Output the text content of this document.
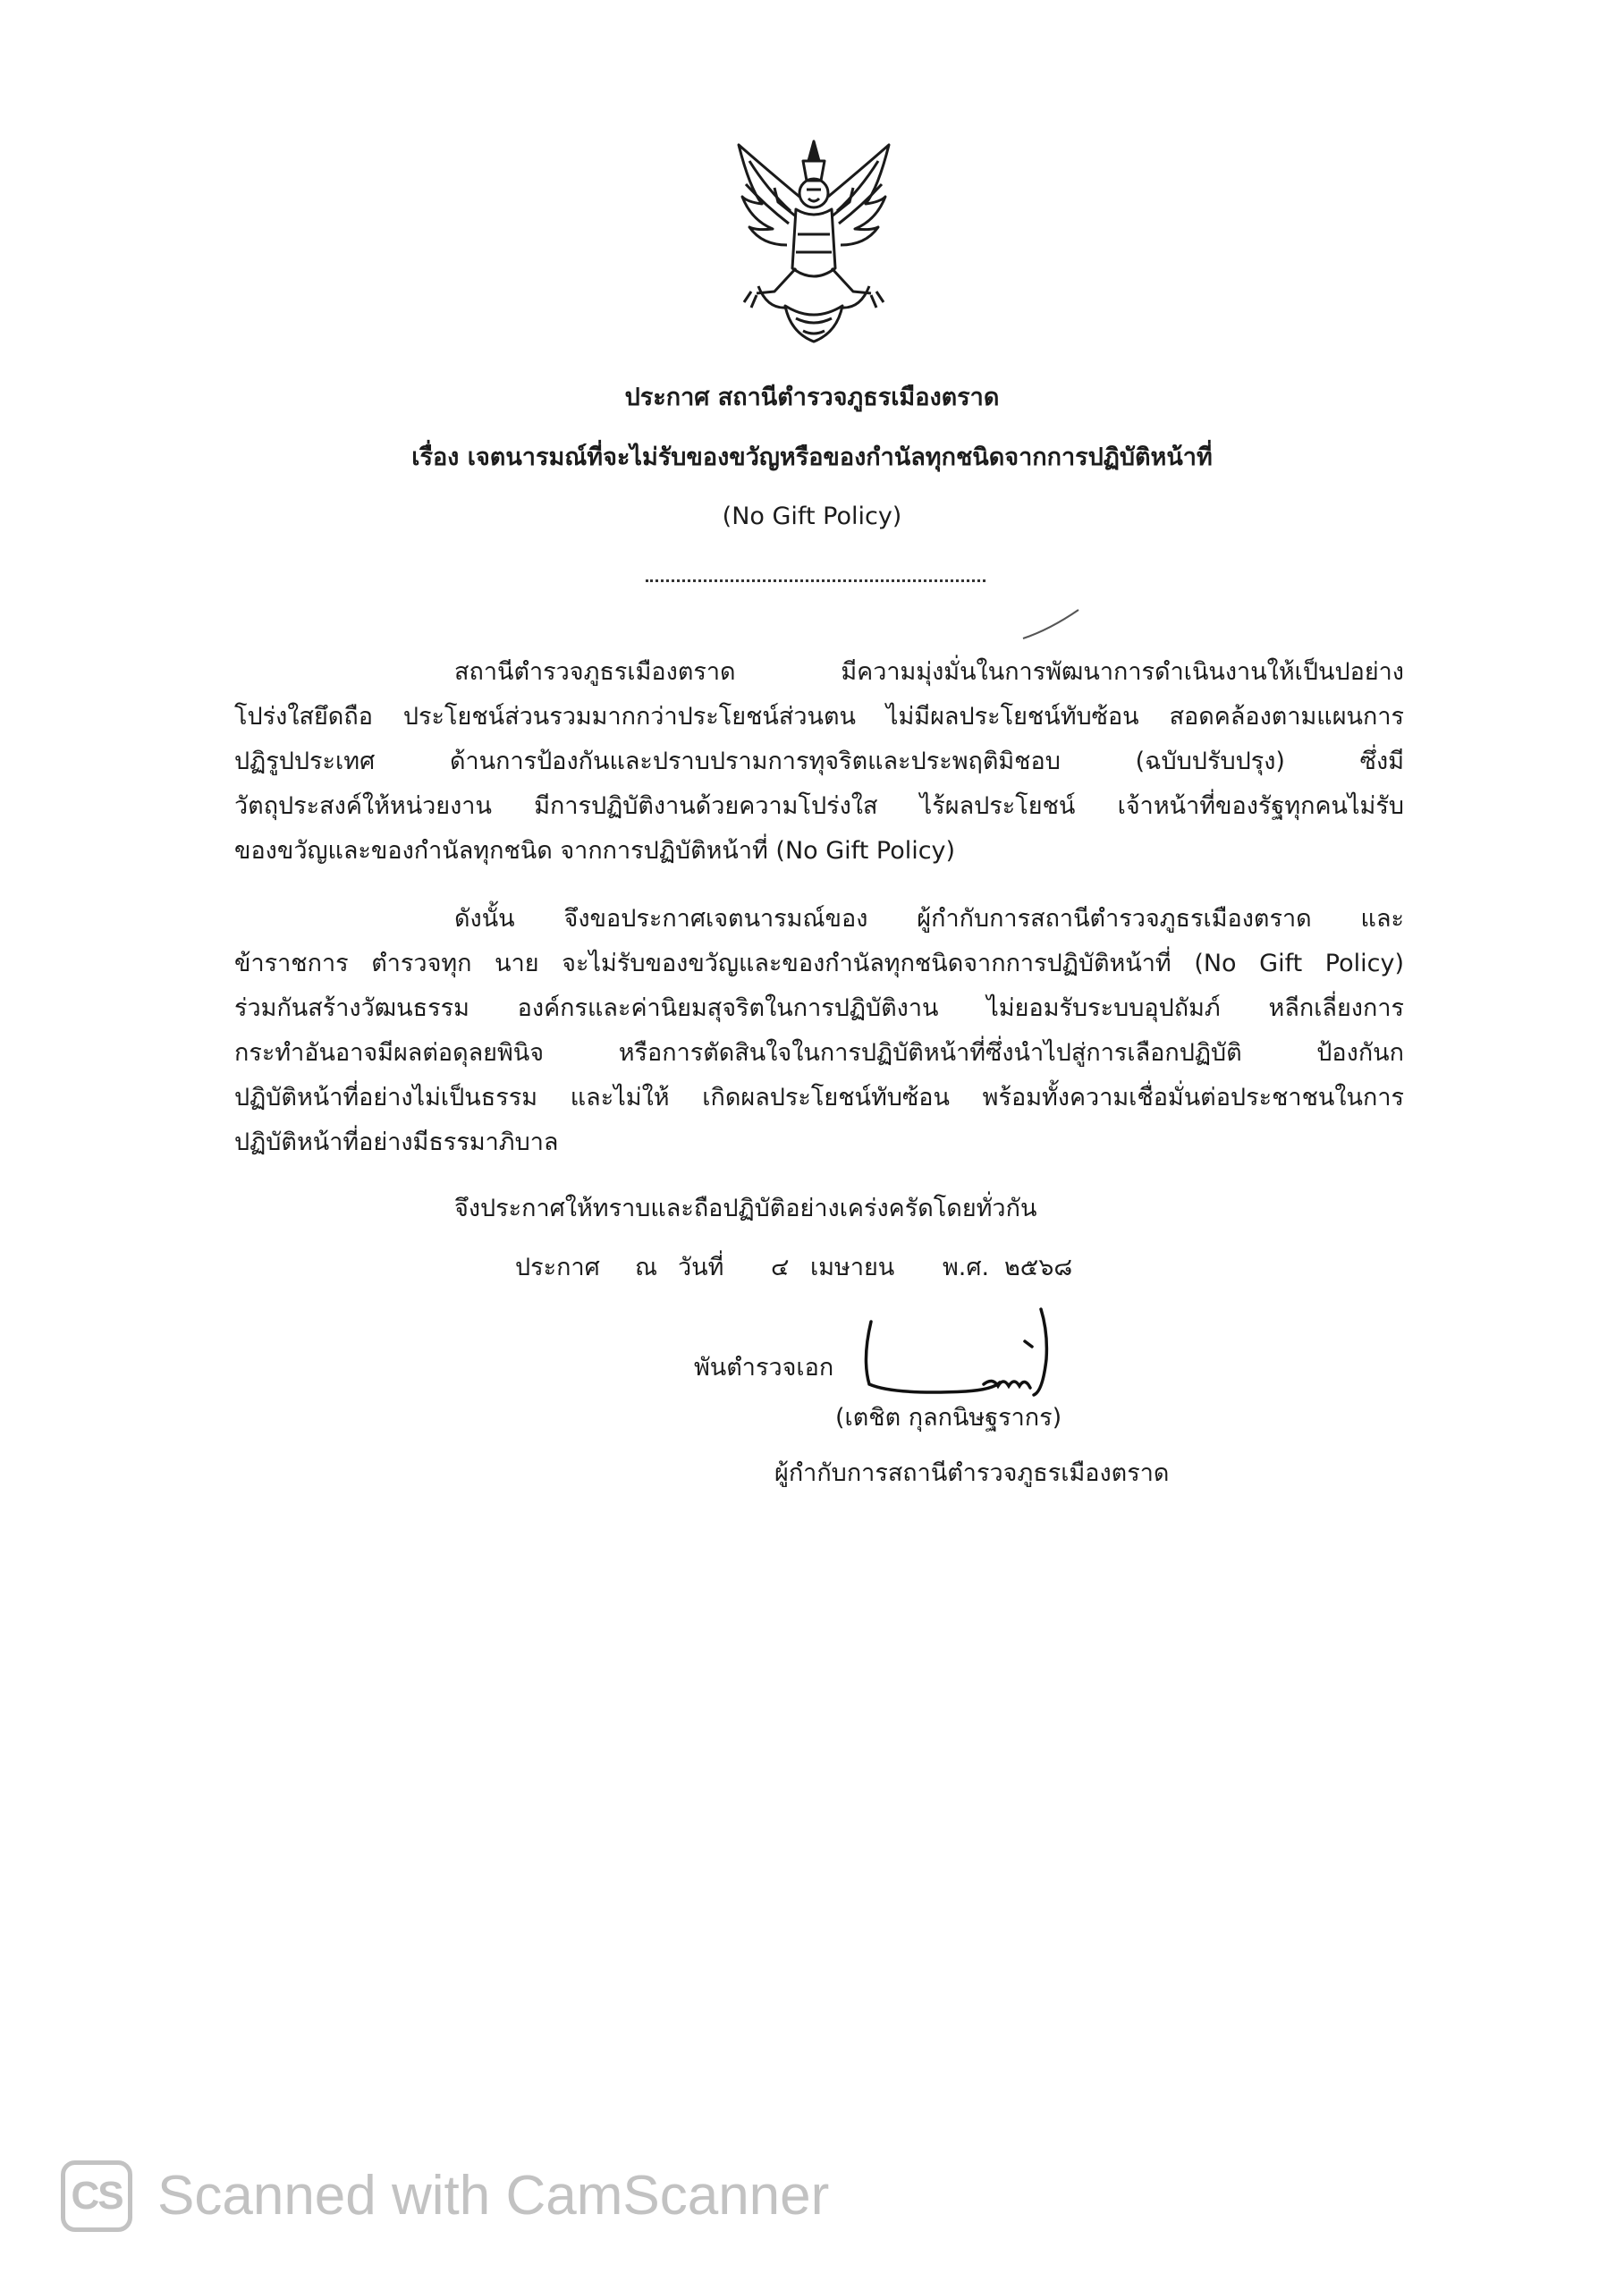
ประกาศ สถานีตำรวจภูธรเมืองตราด
เรื่อง เจตนารมณ์ที่จะไม่รับของขวัญหรือของกำนัลทุกชนิดจากการปฏิบัติหน้าที่
(No Gift Policy)
สถานีตำรวจภูธรเมืองตราด มีความมุ่งมั่นในการพัฒนาการดำเนินงานให้เป็นปอย่าง
โปร่งใสยึดถือ ประโยชน์ส่วนรวมมากกว่าประโยชน์ส่วนตน ไม่มีผลประโยชน์ทับซ้อน สอดคล้องตามแผนการ
ปฏิรูปประเทศ ด้านการป้องกันและปราบปรามการทุจริตและประพฤติมิชอบ (ฉบับปรับปรุง) ซึ่งมี
วัตถุประสงค์ให้หน่วยงาน มีการปฏิบัติงานด้วยความโปร่งใส ไร้ผลประโยชน์ เจ้าหน้าที่ของรัฐทุกคนไม่รับ
ของขวัญและของกำนัลทุกชนิด จากการปฏิบัติหน้าที่ (No Gift Policy)
ดังนั้น จึงขอประกาศเจตนารมณ์ของ ผู้กำกับการสถานีตำรวจภูธรเมืองตราด และ
ข้าราชการ ตำรวจทุก นาย จะไม่รับของขวัญและของกำนัลทุกชนิดจากการปฏิบัติหน้าที่ (No Gift Policy)
ร่วมกันสร้างวัฒนธรรม องค์กรและค่านิยมสุจริตในการปฏิบัติงาน ไม่ยอมรับระบบอุปถัมภ์ หลีกเลี่ยงการ
กระทำอันอาจมีผลต่อดุลยพินิจ หรือการตัดสินใจในการปฏิบัติหน้าที่ซึ่งนำไปสู่การเลือกปฏิบัติ ป้องกันก
ปฏิบัติหน้าที่อย่างไม่เป็นธรรม และไม่ให้ เกิดผลประโยชน์ทับซ้อน พร้อมทั้งความเชื่อมั่นต่อประชาชนในการ
ปฏิบัติหน้าที่อย่างมีธรรมาภิบาล
จึงประกาศให้ทราบและถือปฏิบัติอย่างเคร่งครัดโดยทั่วกัน
ประกาศ ณ วันที่ ๔ เมษายน พ.ศ. ๒๕๖๘
พันตำรวจเอก
(เตชิต กุลกนิษฐรากร)
ผู้กำกับการสถานีตำรวจภูธรเมืองตราด
CS Scanned with CamScanner
